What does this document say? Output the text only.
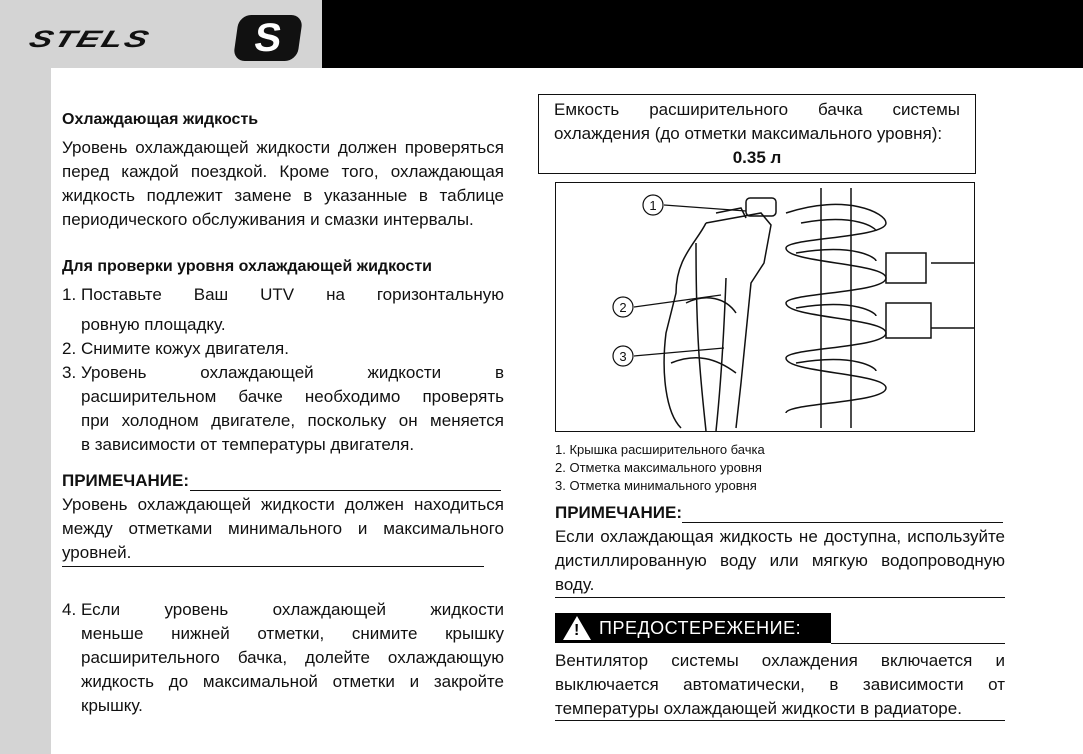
STELS	S
Охлаждающая жидкость
Уровень охлаждающей жидкости должен проверяться
перед каждой поездкой. Кроме того, охлаждающая
жидкость подлежит замене в указанные в таблице
периодического обслуживания и смазки интервалы.
Для проверки уровня охлаждающей жидкости
1. Поставьте Ваш UTV на горизонтальную
ровную площадку.
2. Снимите кожух двигателя.
3. Уровень охлаждающей жидкости в
расширительном бачке необходимо проверять
при холодном двигателе, поскольку он меняется
в зависимости от температуры двигателя.
ПРИМЕЧАНИЕ:
Уровень охлаждающей жидкости должен находиться
между отметками минимального и максимального
уровней.
4. Если уровень охлаждающей жидкости
меньше нижней отметки, снимите крышку
расширительного бачка, долейте охлаждающую
жидкость до максимальной отметки и закройте
крышку.
Емкость расширительного бачка системы
охлаждения (до отметки максимального уровня):
0.35 л
1
2
3
1. Крышка расширительного бачка
2. Отметка максимального уровня
3. Отметка минимального уровня
ПРИМЕЧАНИЕ:
Если охлаждающая жидкость не доступна, используйте
дистиллированную воду или мягкую водопроводную
воду.
! ПРЕДОСТЕРЕЖЕНИЕ:
Вентилятор системы охлаждения включается и
выключается автоматически, в зависимости от
температуры охлаждающей жидкости в радиаторе.
